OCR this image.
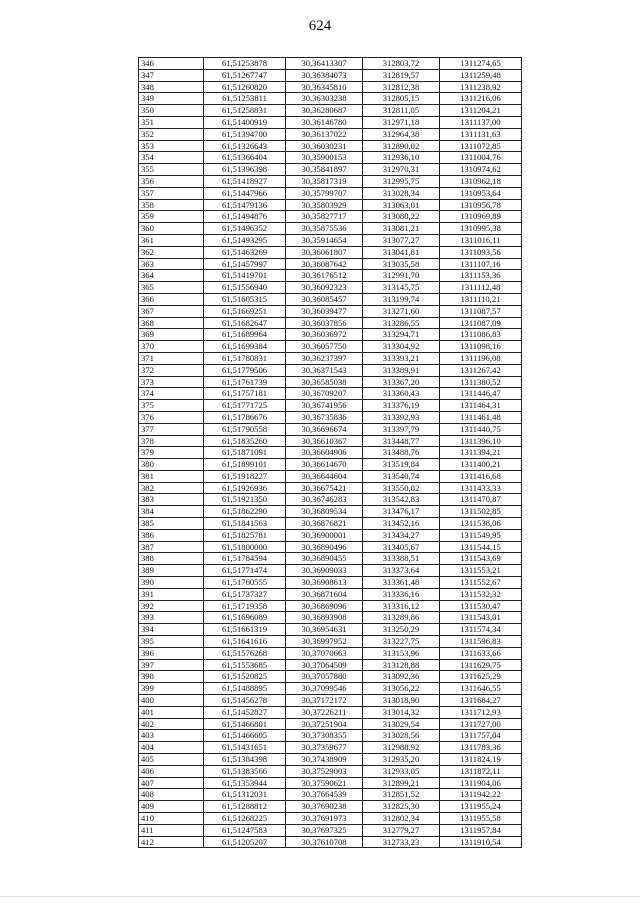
624
346	61,51253878	30,36413307	312803,72	1311274,65
347	61,51267747	30,36384073	312819,57	1311259,48
348	61,51260820	30,36345810	312812,38	1311238,92
349	61,51253811	30,36303238	312805,15	1311216,06
350	61,51258831	30,36280687	312811,05	1311204,21
351	61,51400919	30,36146780	312971,18	1311137,00
352	61,51394700	30,36137022	312964,38	1311131,63
353	61,51326643	30,36030231	312890,02	1311072,85
354	61,51366404	30,35900153	312936,10	1311004,76
355	61,51396398	30,35841897	312970,31	1310974,62
356	61,51418927	30,35817319	312995,75	1310962,18
357	61,51447966	30,35799707	313028,34	1310953,64
358	61,51479136	30,35803929	313063,01	1310956,78
359	61,51494876	30,35827717	313080,22	1310969,89
360	61,51496352	30,35875536	313081,21	1310995,38
361	61,51493295	30,35914654	313077,27	1311016,11
362	61,51463269	30,36061807	313041,81	1311093,56
363	61,51457997	30,36087642	313035,58	1311107,16
364	61,51419701	30,36176512	312991,70	1311153,36
365	61,51556940	30,36092323	313145,75	1311112,48
366	61,51605315	30,36085457	313199,74	1311110,21
367	61,51669251	30,36039477	313271,60	1311087,57
368	61,51682647	30,36037856	313286,55	1311087,09
369	61,51689964	30,36036972	313294,71	1311086,83
370	61,51699384	30,36057750	313304,92	1311098,16
371	61,51780831	30,36237397	313393,21	1311196,08
372	61,51779506	30,36371543	313389,91	1311267,42
373	61,51761739	30,36585038	313367,20	1311380,52
374	61,51757181	30,36709207	313360,43	1311446,47
375	61,51771725	30,36741956	313376,19	1311464,31
376	61,51786676	30,36735836	313392,93	1311461,48
377	61,51790558	30,36696674	313397,79	1311440,75
378	61,51835260	30,36610367	313448,77	1311396,10
379	61,51871091	30,36604906	313488,76	1311394,21
380	61,51899101	30,36614670	313519,84	1311400,21
381	61,51918227	30,36644604	313540,74	1311416,68
382	61,51926936	30,36675421	313550,02	1311433,33
383	61,51921350	30,36746283	313542,83	1311470,87
384	61,51862290	30,36809534	313476,17	1311502,85
385	61,51841563	30,36876821	313452,16	1311538,06
386	61,51825781	30,36900001	313434,27	1311549,95
387	61,51800000	30,36890496	313405,67	1311544,15
388	61,51784594	30,36890455	313388,51	1311543,69
389	61,51771474	30,36909033	313373,64	1311553,21
390	61,51760555	30,36908613	313361,48	1311552,67
391	61,51737327	30,36871604	313336,16	1311532,32
392	61,51719358	30,36869096	313316,12	1311530,47
393	61,51696089	30,36893908	313289,86	1311543,01
394	61,51661319	30,36954631	313250,29	1311574,34
395	61,51641616	30,36997952	313227,75	1311596,83
396	61,51576268	30,37070663	313153,96	1311633,66
397	61,51553685	30,37064509	313128,88	1311629,75
398	61,51520825	30,37057880	313092,36	1311625,29
399	61,51488895	30,37099546	313056,22	1311646,55
400	61,51456278	30,37172172	313018,90	1311684,27
401	61,51452827	30,37226211	313014,32	1311712,93
402	61,51466801	30,37251904	313029,54	1311727,00
403	61,51466605	30,37308355	313028,56	1311757,04
404	61,51431651	30,37359677	312988,92	1311783,36
405	61,51384398	30,37438909	312935,20	1311824,19
406	61,51383566	30,37529003	312933,05	1311872,11
407	61,51353944	30,37590621	312899,21	1311904,06
408	61,51312031	30,37664539	312851,52	1311942,22
409	61,51288812	30,37690238	312825,30	1311955,24
410	61,51268225	30,37691973	312802,34	1311955,58
411	61,51247583	30,37697325	312779,27	1311957,84
412	61,51205207	30,37610708	312733,23	1311910,54
